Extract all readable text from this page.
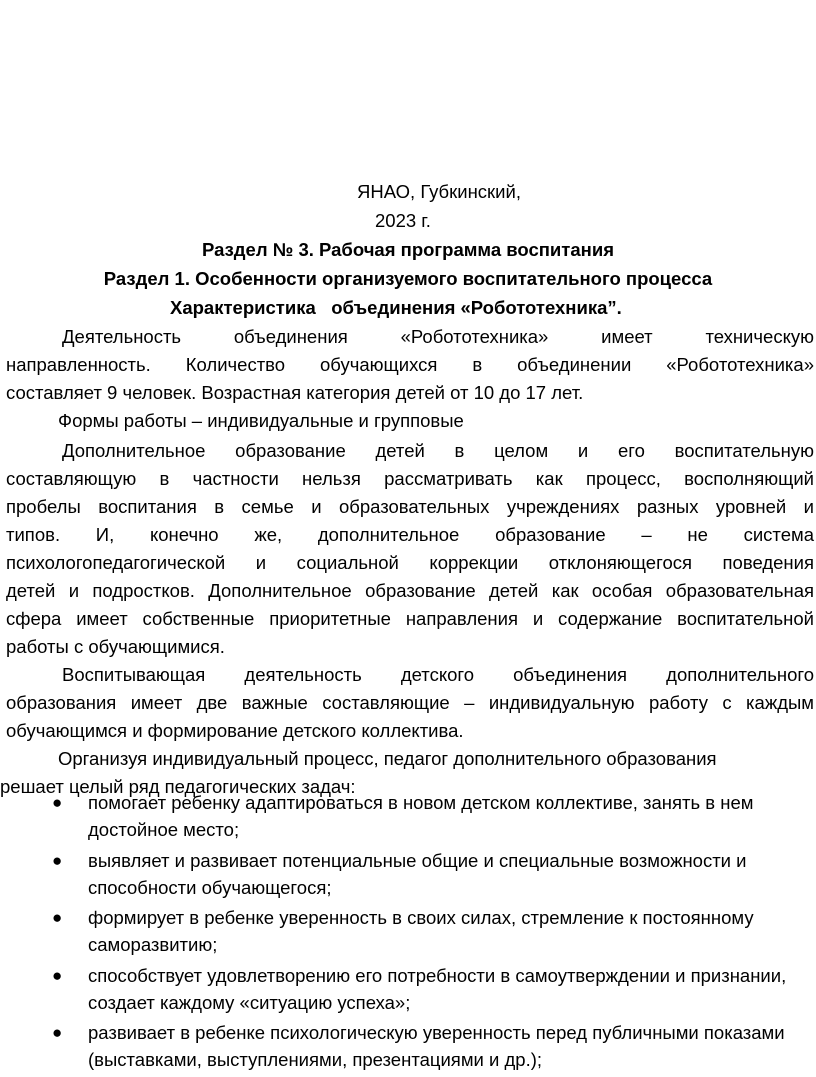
ЯНАО, Губкинский,
2023 г.
Раздел № 3. Рабочая программа воспитания
Раздел 1. Особенности организуемого воспитательного процесса
Характеристика   объединения «Робототехника”.
Деятельность объединения «Робототехника» имеет техническую
направленность. Количество обучающихся в объединении «Робототехника»
составляет 9 человек. Возрастная категория детей от 10 до 17 лет.
Формы работы – индивидуальные и групповые
Дополнительное образование детей в целом и его воспитательную
составляющую в частности нельзя рассматривать как процесс, восполняющий
пробелы воспитания в семье и образовательных учреждениях разных уровней и
типов. И, конечно же, дополнительное образование – не система
психологопедагогической и социальной коррекции отклоняющегося поведения
детей и подростков. Дополнительное образование детей как особая образовательная
сфера имеет собственные приоритетные направления и содержание воспитательной
работы с обучающимися.
Воспитывающая деятельность детского объединения дополнительного
образования имеет две важные составляющие – индивидуальную работу с каждым
обучающимся и формирование детского коллектива.
Организуя индивидуальный процесс, педагог дополнительного образования
решает целый ряд педагогических задач:
● помогает ребенку адаптироваться в новом детском коллективе, занять в нем достойное место;
● выявляет и развивает потенциальные общие и специальные возможности и способности обучающегося;
● формирует в ребенке уверенность в своих силах, стремление к постоянному саморазвитию;
● способствует удовлетворению его потребности в самоутверждении и признании, создает каждому «ситуацию успеха»;
● развивает в ребенке психологическую уверенность перед публичными показами (выставками, выступлениями, презентациями и др.);
